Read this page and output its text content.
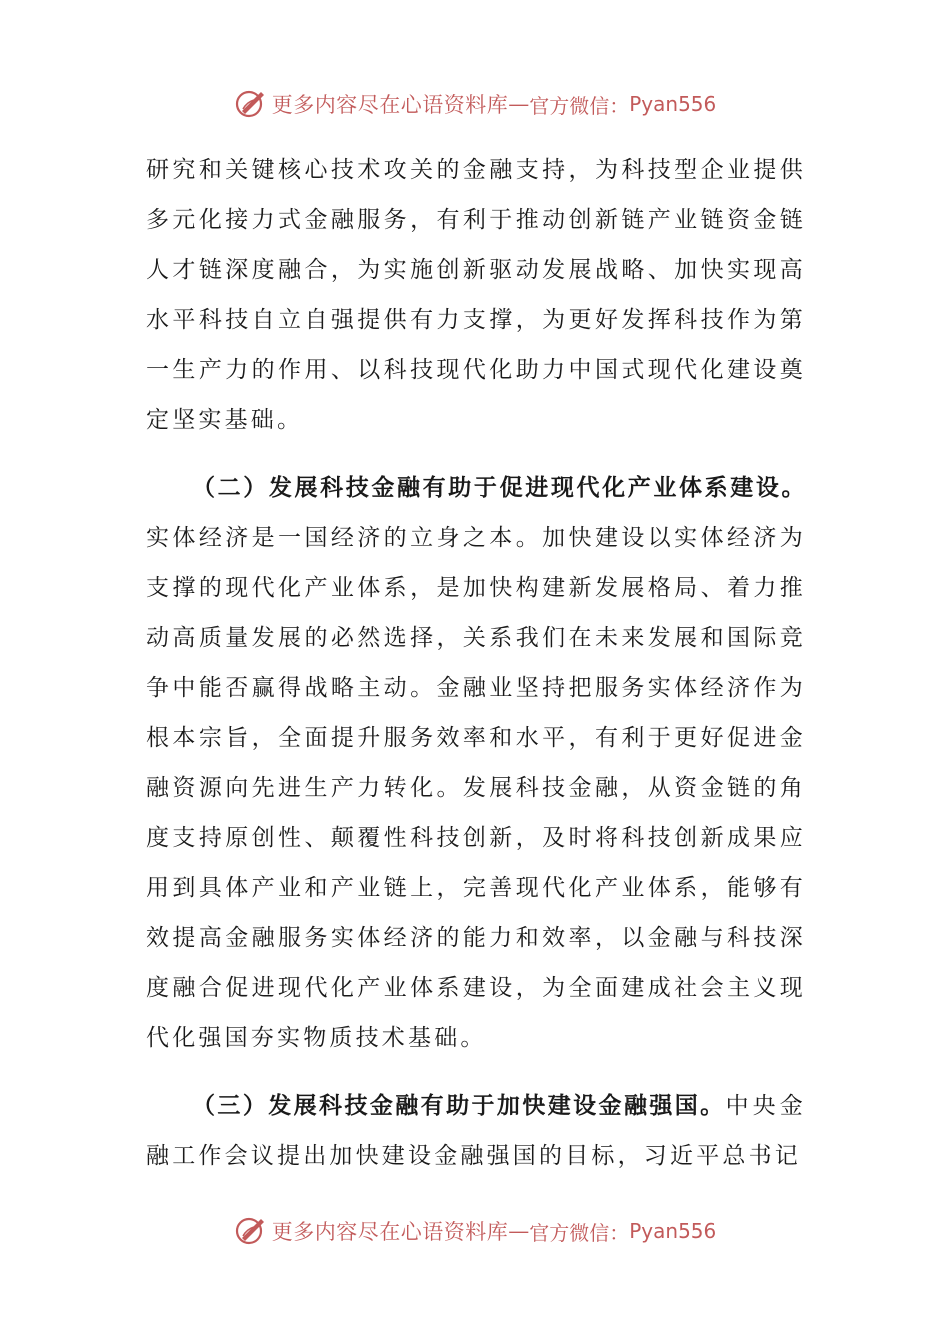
更多内容尽在心语资料库 — 官方微信： Pyan556

研究和关键核心技术攻关的金融支持，为科技型企业提供多元化接力式金融服务，有利于推动创新链产业链资金链人才链深度融合，为实施创新驱动发展战略、加快实现高水平科技自立自强提供有力支撑，为更好发挥科技作为第一生产力的作用、以科技现代化助力中国式现代化建设奠定坚实基础。

（二）发展科技金融有助于促进现代化产业体系建设。实体经济是一国经济的立身之本。加快建设以实体经济为支撑的现代化产业体系，是加快构建新发展格局、着力推动高质量发展的必然选择，关系我们在未来发展和国际竞争中能否赢得战略主动。金融业坚持把服务实体经济作为根本宗旨，全面提升服务效率和水平，有利于更好促进金融资源向先进生产力转化。发展科技金融，从资金链的角度支持原创性、颠覆性科技创新，及时将科技创新成果应用到具体产业和产业链上，完善现代化产业体系，能够有效提高金融服务实体经济的能力和效率，以金融与科技深度融合促进现代化产业体系建设，为全面建成社会主义现代化强国夯实物质技术基础。

（三）发展科技金融有助于加快建设金融强国。中央金融工作会议提出加快建设金融强国的目标，习近平总书记

更多内容尽在心语资料库 — 官方微信： Pyan556
